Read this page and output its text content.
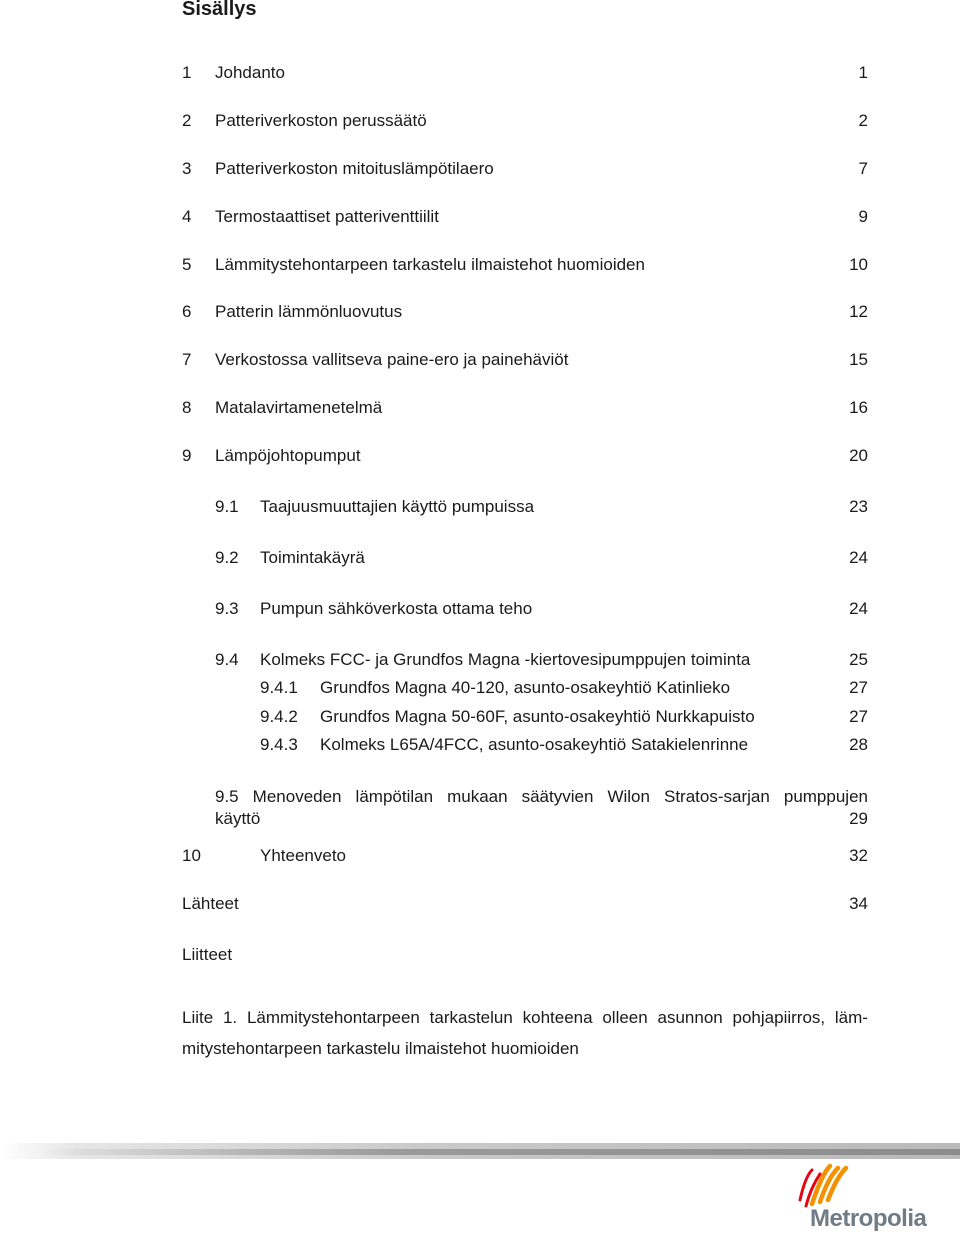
Sisällys
1 Johdanto	1
2 Patteriverkoston perussäätö	2
3 Patteriverkoston mitoituslämpötilaero	7
4 Termostaattiset patteriventtiilit	9
5 Lämmitystehontarpeen tarkastelu ilmaistehot huomioiden	10
6 Patterin lämmönluovutus	12
7 Verkostossa vallitseva paine-ero ja painehäviöt	15
8 Matalavirtamenetelmä	16
9 Lämpöjohtopumput	20
9.1 Taajuusmuuttajien käyttö pumpuissa	23
9.2 Toimintakäyrä	24
9.3 Pumpun sähköverkosta ottama teho	24
9.4 Kolmeks FCC- ja Grundfos Magna -kiertovesipumppujen toiminta	25
9.4.1 Grundfos Magna 40-120, asunto-osakeyhtiö Katinlieko	27
9.4.2 Grundfos Magna 50-60F, asunto-osakeyhtiö Nurkkapuisto	27
9.4.3 Kolmeks L65A/4FCC, asunto-osakeyhtiö Satakielenrinne	28
9.5 Menoveden lämpötilan mukaan säätyvien Wilon Stratos-sarjan pumppujen
käyttö	29
10	Yhteenveto	32
Lähteet	34
Liitteet
Liite 1. Lämmitystehontarpeen tarkastelun kohteena olleen asunnon pohjapiirros, läm-
mitystehontarpeen tarkastelu ilmaistehot huomioiden
Metropolia
